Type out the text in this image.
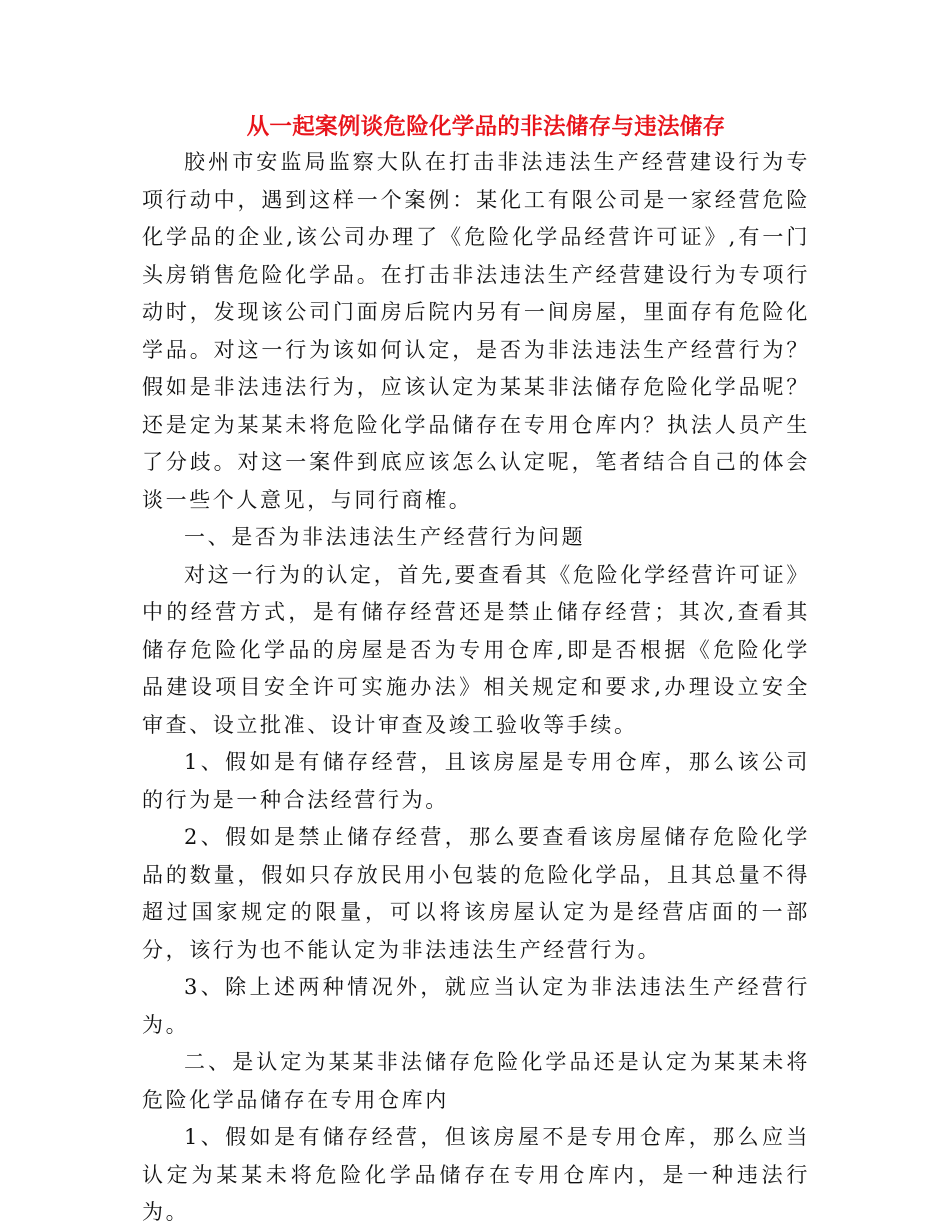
从一起案例谈危险化学品的非法储存与违法储存

胶州市安监局监察大队在打击非法违法生产经营建设行为专项行动中，遇到这样一个案例：某化工有限公司是一家经营危险化学品的企业,该公司办理了《危险化学品经营许可证》,有一门头房销售危险化学品。在打击非法违法生产经营建设行为专项行动时，发现该公司门面房后院内另有一间房屋，里面存有危险化学品。对这一行为该如何认定，是否为非法违法生产经营行为？假如是非法违法行为，应该认定为某某非法储存危险化学品呢？还是定为某某未将危险化学品储存在专用仓库内？执法人员产生了分歧。对这一案件到底应该怎么认定呢，笔者结合自己的体会谈一些个人意见，与同行商榷。

一、是否为非法违法生产经营行为问题

对这一行为的认定，首先,要查看其《危险化学经营许可证》中的经营方式，是有储存经营还是禁止储存经营；其次,查看其储存危险化学品的房屋是否为专用仓库,即是否根据《危险化学品建设项目安全许可实施办法》相关规定和要求,办理设立安全审查、设立批准、设计审查及竣工验收等手续。

1、假如是有储存经营，且该房屋是专用仓库，那么该公司的行为是一种合法经营行为。

2、假如是禁止储存经营，那么要查看该房屋储存危险化学品的数量，假如只存放民用小包装的危险化学品，且其总量不得超过国家规定的限量，可以将该房屋认定为是经营店面的一部分，该行为也不能认定为非法违法生产经营行为。

3、除上述两种情况外，就应当认定为非法违法生产经营行为。

二、是认定为某某非法储存危险化学品还是认定为某某未将危险化学品储存在专用仓库内

1、假如是有储存经营，但该房屋不是专用仓库，那么应当认定为某某未将危险化学品储存在专用仓库内，是一种违法行为。
